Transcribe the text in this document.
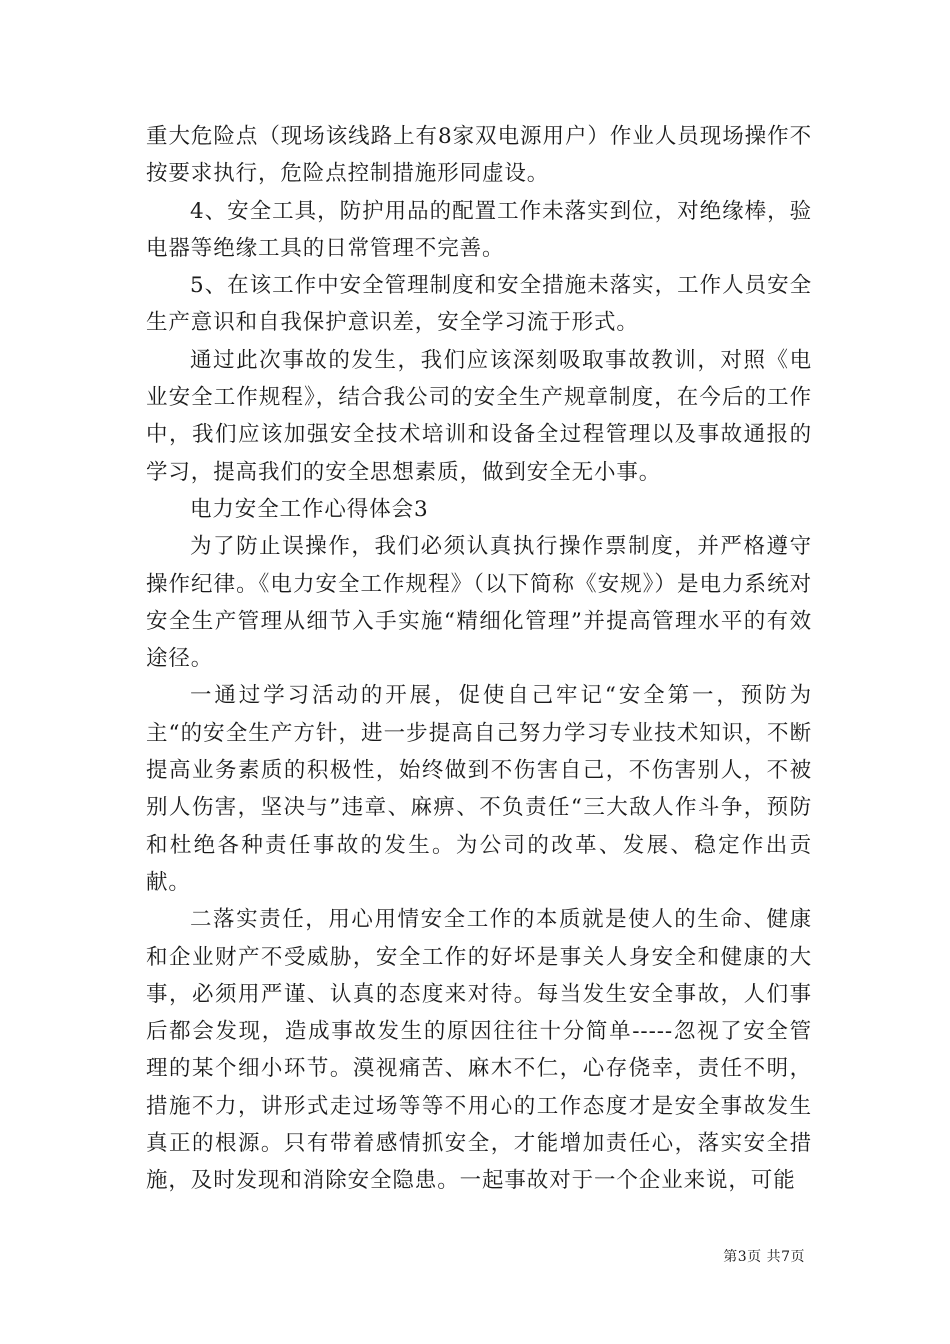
重大危险点（现场该线路上有8家双电源用户）作业人员现场操作不按要求执行，危险点控制措施形同虚设。

4、安全工具，防护用品的配置工作未落实到位，对绝缘棒，验电器等绝缘工具的日常管理不完善。

5、在该工作中安全管理制度和安全措施未落实，工作人员安全生产意识和自我保护意识差，安全学习流于形式。

通过此次事故的发生，我们应该深刻吸取事故教训，对照《电业安全工作规程》，结合我公司的安全生产规章制度，在今后的工作中，我们应该加强安全技术培训和设备全过程管理以及事故通报的学习，提高我们的安全思想素质，做到安全无小事。

电力安全工作心得体会3

为了防止误操作，我们必须认真执行操作票制度，并严格遵守操作纪律。《电力安全工作规程》（以下简称《安规》）是电力系统对安全生产管理从细节入手实施“精细化管理”并提高管理水平的有效途径。

一通过学习活动的开展，促使自己牢记“安全第一，预防为主“的安全生产方针，进一步提高自己努力学习专业技术知识，不断提高业务素质的积极性，始终做到不伤害自己，不伤害别人，不被别人伤害，坚决与”违章、麻痹、不负责任“三大敌人作斗争，预防和杜绝各种责任事故的发生。为公司的改革、发展、稳定作出贡献。

二落实责任，用心用情安全工作的本质就是使人的生命、健康和企业财产不受威胁，安全工作的好坏是事关人身安全和健康的大事，必须用严谨、认真的态度来对待。每当发生安全事故，人们事后都会发现，造成事故发生的原因往往十分简单-----忽视了安全管理的某个细小环节。漠视痛苦、麻木不仁，心存侥幸，责任不明，措施不力，讲形式走过场等等不用心的工作态度才是安全事故发生真正的根源。只有带着感情抓安全，才能增加责任心，落实安全措施，及时发现和消除安全隐患。一起事故对于一个企业来说，可能

第3页 共7页
